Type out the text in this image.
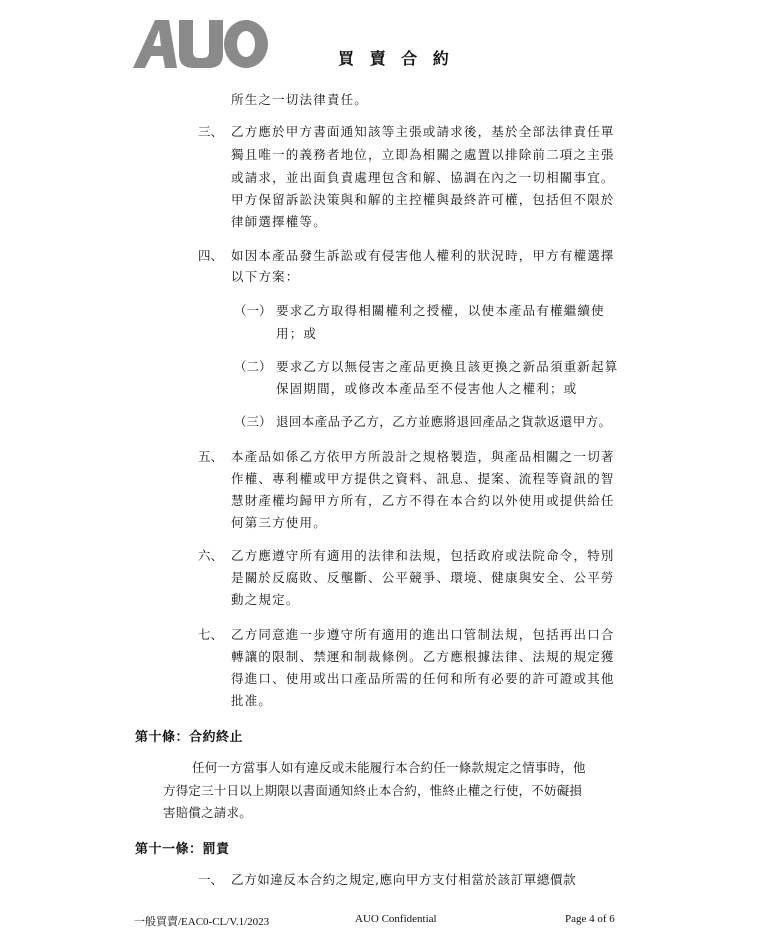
買 賣 合 約
所生之一切法律責任。
三、 乙方應於甲方書面通知該等主張或請求後，基於全部法律責任單
獨且唯一的義務者地位，立即為相關之處置以排除前二項之主張
或請求，並出面負責處理包含和解、協調在內之一切相關事宜。
甲方保留訴訟決策與和解的主控權與最終許可權，包括但不限於
律師選擇權等。
四、 如因本產品發生訴訟或有侵害他人權利的狀況時，甲方有權選擇
以下方案：
（一） 要求乙方取得相關權利之授權，以使本產品有權繼續使
用；或
（二） 要求乙方以無侵害之產品更換且該更換之新品須重新起算
保固期間，或修改本產品至不侵害他人之權利；或
（三） 退回本產品予乙方，乙方並應將退回產品之貨款返還甲方。
五、 本產品如係乙方依甲方所設計之規格製造，與產品相關之一切著
作權、專利權或甲方提供之資料、訊息、提案、流程等資訊的智
慧財產權均歸甲方所有，乙方不得在本合約以外使用或提供給任
何第三方使用。
六、 乙方應遵守所有適用的法律和法規，包括政府或法院命令，特別
是關於反腐敗、反壟斷、公平競爭、環境、健康與安全、公平勞
動之規定。
七、 乙方同意進一步遵守所有適用的進出口管制法規，包括再出口合
轉讓的限制、禁運和制裁條例。乙方應根據法律、法規的規定獲
得進口、使用或出口產品所需的任何和所有必要的許可證或其他
批准。
第十條：合約終止
任何一方當事人如有違反或未能履行本合約任一條款規定之情事時，他
方得定三十日以上期限以書面通知終止本合約，惟終止權之行使，不妨礙損
害賠償之請求。
第十一條：罰責
一、 乙方如違反本合約之規定,應向甲方支付相當於該訂單總價款
一般買賣/EAC0-CL/V.1/2023	AUO Confidential	Page 4 of 6
